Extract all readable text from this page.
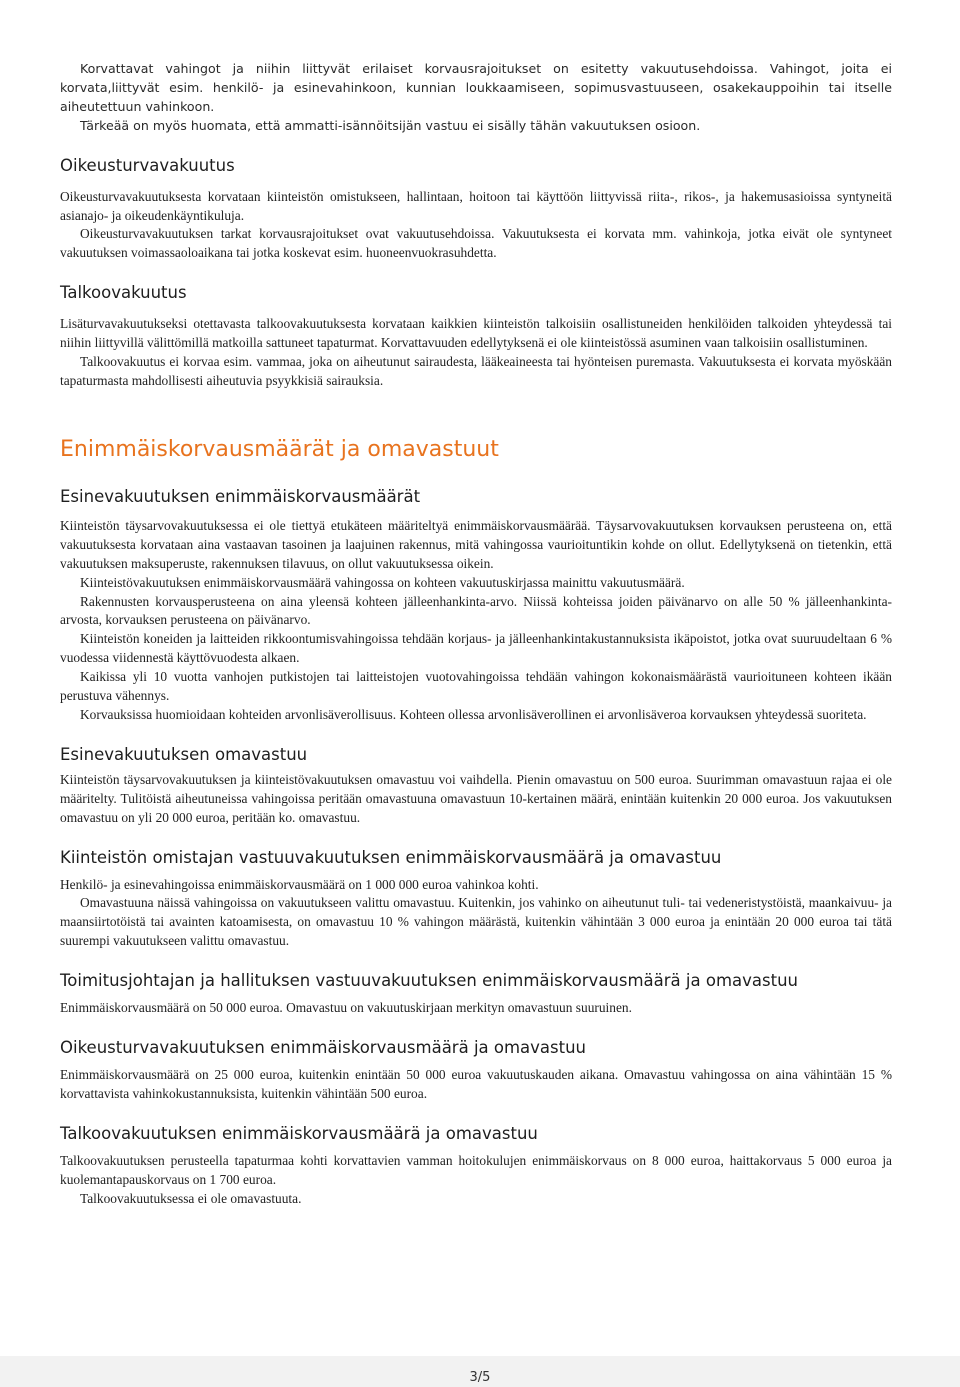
Korvattavat vahingot ja niihin liittyvät erilaiset korvausrajoitukset on esitetty vakuutusehdoissa. Vahingot, joita ei korvata,liittyvät esim. henkilö- ja esinevahinkoon, kunnian loukkaamiseen, sopimusvastuuseen, osakekauppoihin tai itselle aiheutettuun vahinkoon.

Tärkeää on myös huomata, että ammatti-isännöitsijän vastuu ei sisälly tähän vakuutuksen osioon.

Oikeusturvavakuutus

Oikeusturvavakuutuksesta korvataan kiinteistön omistukseen, hallintaan, hoitoon tai käyttöön liittyvissä riita-, rikos-, ja hakemusasioissa syntyneitä asianajo- ja oikeudenkäyntikuluja.

Oikeusturvavakuutuksen tarkat korvausrajoitukset ovat vakuutusehdoissa. Vakuutuksesta ei korvata mm. vahinkoja, jotka eivät ole syntyneet vakuutuksen voimassaoloaikana tai jotka koskevat esim. huoneenvuokrasuhdetta.

Talkoovakuutus

Lisäturvavakuutukseksi otettavasta talkoovakuutuksesta korvataan kaikkien kiinteistön talkoisiin osallistuneiden henkilöiden talkoiden yhteydessä tai niihin liittyvillä välittömillä matkoilla sattuneet tapaturmat. Korvattavuuden edellytyksenä ei ole kiinteistössä asuminen vaan talkoisiin osallistuminen.

Talkoovakuutus ei korvaa esim. vammaa, joka on aiheutunut sairaudesta, lääkeaineesta tai hyönteisen puremasta. Vakuutuksesta ei korvata myöskään tapaturmasta mahdollisesti aiheutuvia psyykkisiä sairauksia.

Enimmäiskorvausmäärät ja omavastuut
Esinevakuutuksen enimmäiskorvausmäärät

Kiinteistön täysarvovakuutuksessa ei ole tiettyä etukäteen määriteltyä enimmäiskorvausmäärää. Täysarvovakuutuksen korvauksen perusteena on, että vakuutuksesta korvataan aina vastaavan tasoinen ja laajuinen rakennus, mitä vahingossa vaurioituntikin kohde on ollut. Edellytyksenä on tietenkin, että vakuutuksen maksuperuste, rakennuksen tilavuus, on ollut vakuutuksessa oikein.

Kiinteistövakuutuksen enimmäiskorvausmäärä vahingossa on kohteen vakuutuskirjassa mainittu vakuutusmäärä.

Rakennusten korvausperusteena on aina yleensä kohteen jälleenhankinta-arvo. Niissä kohteissa joiden päivänarvo on alle 50 % jälleenhankinta-arvosta, korvauksen perusteena on päivänarvo.

Kiinteistön koneiden ja laitteiden rikkoontumisvahingoissa tehdään korjaus- ja jälleenhankintakustannuksista ikäpoistot, jotka ovat suuruudeltaan 6 % vuodessa viidennestä käyttövuodesta alkaen.

Kaikissa yli 10 vuotta vanhojen putkistojen tai laitteistojen vuotovahingoissa tehdään vahingon kokonaismäärästä vaurioituneen kohteen ikään perustuva vähennys.

Korvauksissa huomioidaan kohteiden arvonlisäverollisuus. Kohteen ollessa arvonlisäverollinen ei arvonlisäveroa korvauksen yhteydessä suoriteta.

Esinevakuutuksen omavastuu

Kiinteistön täysarvovakuutuksen ja kiinteistövakuutuksen omavastuu voi vaihdella. Pienin omavastuu on 500 euroa. Suurimman omavastuun rajaa ei ole määritelty. Tulitöistä aiheutuneissa vahingoissa peritään omavastuuna omavastuun 10-kertainen määrä, enintään kuitenkin 20 000 euroa. Jos vakuutuksen omavastuu on yli 20 000 euroa, peritään ko. omavastuu.

Kiinteistön omistajan vastuuvakuutuksen enimmäiskorvausmäärä ja omavastuu

Henkilö- ja esinevahingoissa enimmäiskorvausmäärä on 1 000 000 euroa vahinkoa kohti.

Omavastuuna näissä vahingoissa on vakuutukseen valittu omavastuu. Kuitenkin, jos vahinko on aiheutunut tuli- tai vedeneristystöistä, maankaivuu- ja maansiirtotöistä tai avainten katoamisesta, on omavastuu 10 % vahingon määrästä, kuitenkin vähintään 3 000 euroa ja enintään 20 000 euroa tai tätä suurempi vakuutukseen valittu omavastuu.

Toimitusjohtajan ja hallituksen vastuuvakuutuksen enimmäiskorvausmäärä ja omavastuu

Enimmäiskorvausmäärä on 50 000 euroa. Omavastuu on vakuutuskirjaan merkityn omavastuun suuruinen.

Oikeusturvavakuutuksen enimmäiskorvausmäärä ja omavastuu

Enimmäiskorvausmäärä on 25 000 euroa, kuitenkin enintään 50 000 euroa vakuutuskauden aikana. Omavastuu vahingossa on aina vähintään 15 % korvattavista vahinkokustannuksista, kuitenkin vähintään 500 euroa.

Talkoovakuutuksen enimmäiskorvausmäärä ja omavastuu

Talkoovakuutuksen perusteella tapaturmaa kohti korvattavien vamman hoitokulujen enimmäiskorvaus on 8 000 euroa, haittakorvaus 5 000 euroa ja kuolemantapauskorvaus on 1 700 euroa.

Talkoovakuutuksessa ei ole omavastuuta.

3/5
